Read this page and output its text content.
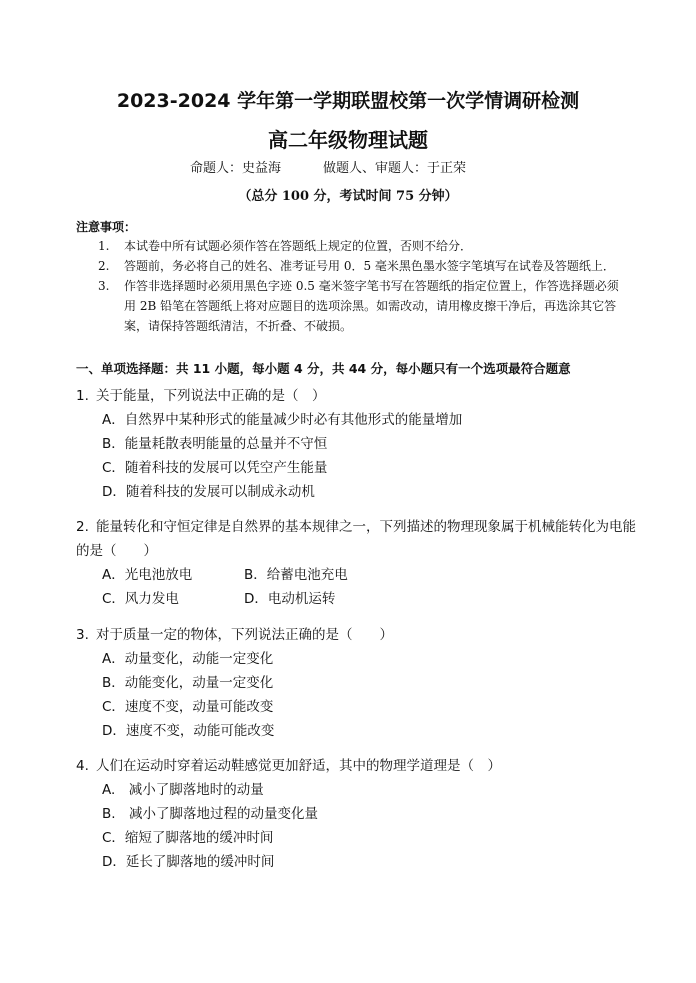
2023-2024 学年第一学期联盟校第一次学情调研检测
高二年级物理试题
命题人：史益海	做题人、审题人：于正荣
（总分 100 分，考试时间 75 分钟）
注意事项：
1.	本试卷中所有试题必须作答在答题纸上规定的位置，否则不给分．
2.	答题前，务必将自己的姓名、准考证号用 0．5 毫米黑色墨水签字笔填写在试卷及答题纸上．
3.	作答非选择题时必须用黑色字迹 0.5 毫米签字笔书写在答题纸的指定位置上，作答选择题必须用 2B 铅笔在答题纸上将对应题目的选项涂黑。如需改动，请用橡皮擦干净后，再选涂其它答案，请保持答题纸清洁，不折叠、不破损。
一、单项选择题：共 11 小题，每小题 4 分，共 44 分，每小题只有一个选项最符合题意
1. 关于能量，下列说法中正确的是（　）
A．自然界中某种形式的能量减少时必有其他形式的能量增加
B．能量耗散表明能量的总量并不守恒
C．随着科技的发展可以凭空产生能量
D．随着科技的发展可以制成永动机
2. 能量转化和守恒定律是自然界的基本规律之一，下列描述的物理现象属于机械能转化为电能的是（　　）
A．光电池放电	B．给蓄电池充电
C．风力发电	D．电动机运转
3. 对于质量一定的物体，下列说法正确的是（　　）
A．动量变化，动能一定变化
B．动能变化，动量一定变化
C．速度不变，动量可能改变
D．速度不变，动能可能改变
4. 人们在运动时穿着运动鞋感觉更加舒适，其中的物理学道理是（　）
A.　减小了脚落地时的动量
B.　减小了脚落地过程的动量变化量
C．缩短了脚落地的缓冲时间
D．延长了脚落地的缓冲时间
